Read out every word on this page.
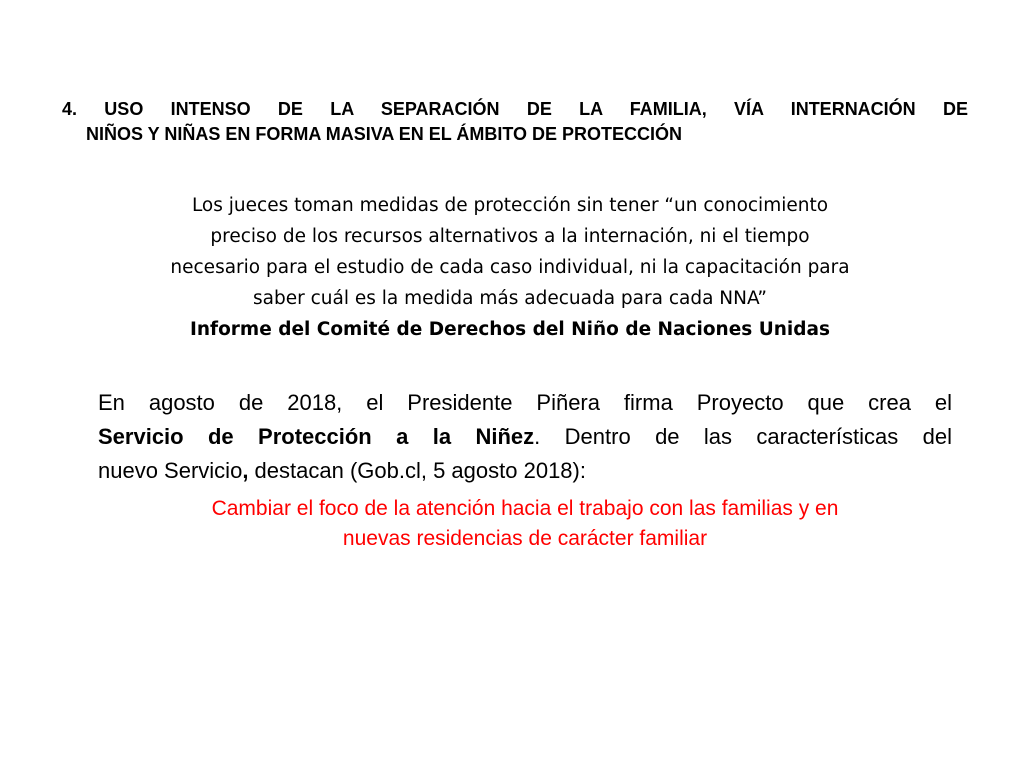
4. USO INTENSO DE LA SEPARACIÓN DE LA FAMILIA, VÍA INTERNACIÓN DE
NIÑOS Y NIÑAS EN FORMA MASIVA EN EL ÁMBITO DE PROTECCIÓN
Los jueces toman medidas de protección sin tener “un conocimiento
preciso de los recursos alternativos a la internación, ni el tiempo
necesario para el estudio de cada caso individual, ni la capacitación para
saber cuál es la medida más adecuada para cada NNA”
Informe del Comité de Derechos del Niño de Naciones Unidas
En agosto de 2018, el Presidente Piñera firma Proyecto que crea el
Servicio de Protección a la Niñez. Dentro de las características del
nuevo Servicio, destacan (Gob.cl, 5 agosto 2018):
Cambiar el foco de la atención hacia el trabajo con las familias y en
nuevas residencias de carácter familiar
